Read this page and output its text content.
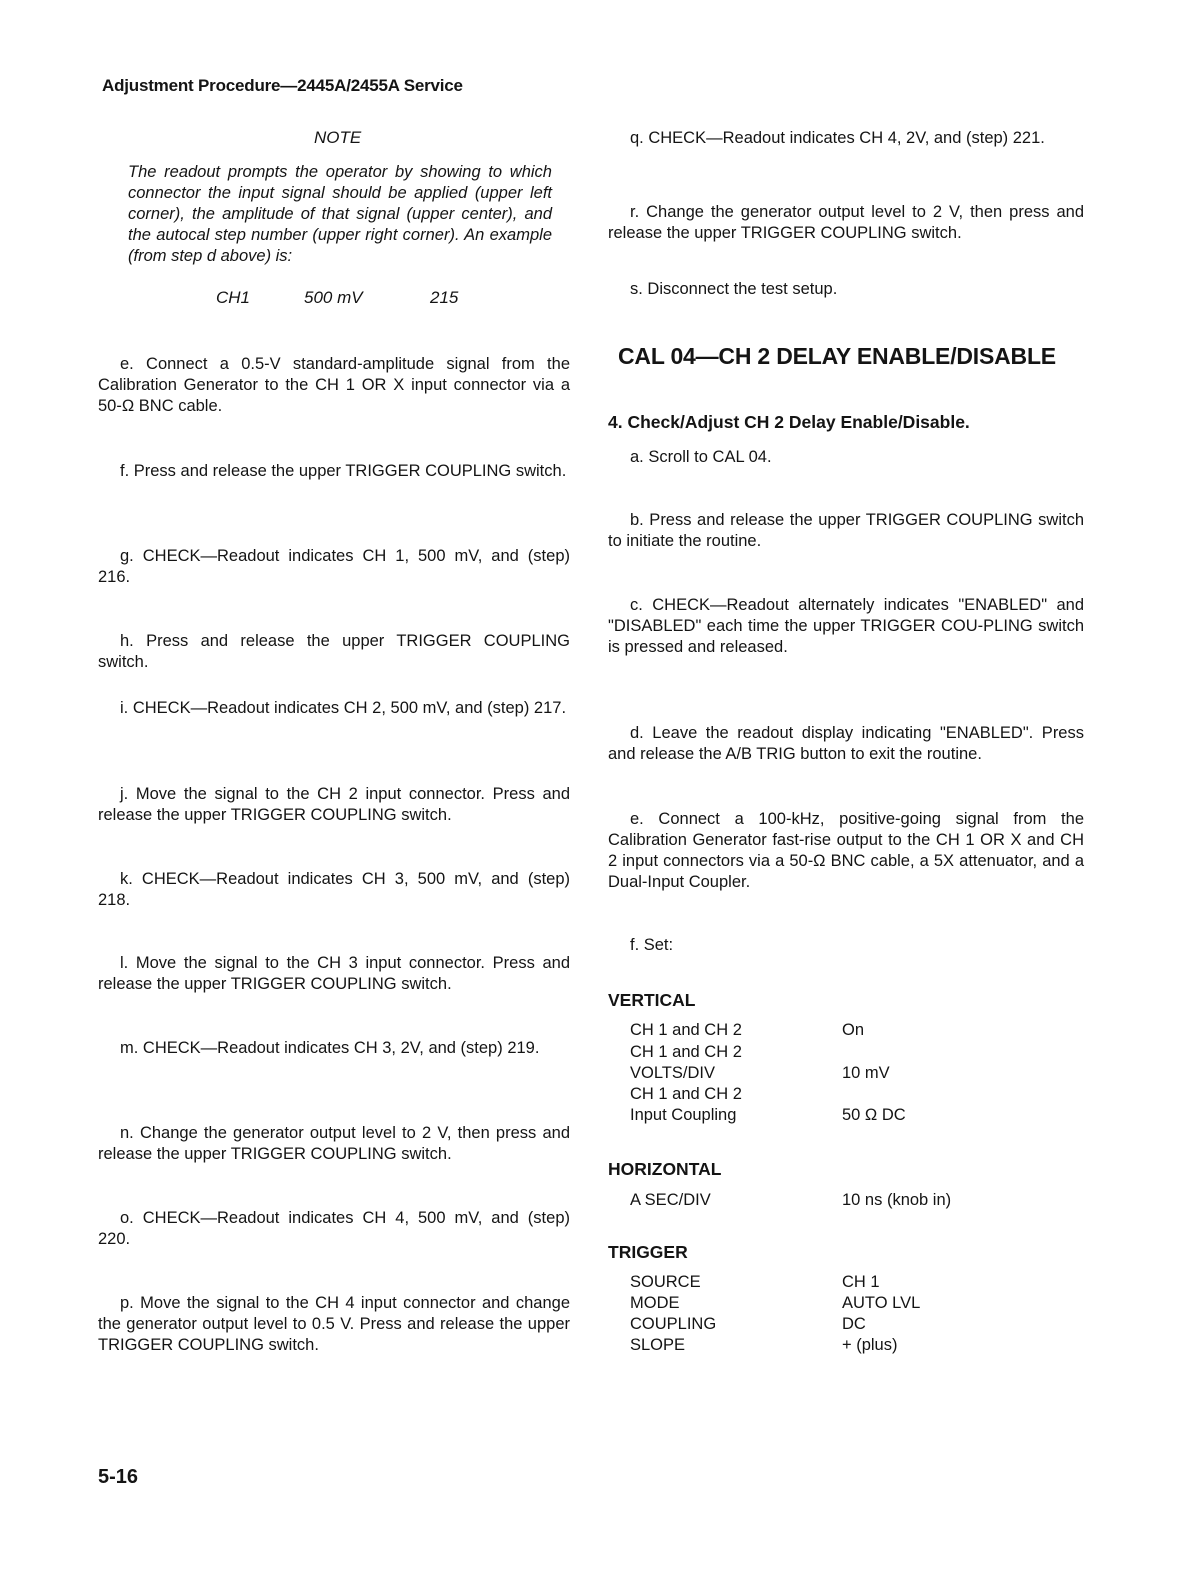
Adjustment Procedure—2445A/2455A Service
NOTE
The readout prompts the operator by showing to which connector the input signal should be applied (upper left corner), the amplitude of that signal (upper center), and the autocal step number (upper right corner). An example (from step d above) is:
CH1	500 mV	215
e. Connect a 0.5-V standard-amplitude signal from the Calibration Generator to the CH 1 OR X input connector via a 50-Ω BNC cable.
f. Press and release the upper TRIGGER COUPLING switch.
g. CHECK—Readout indicates CH 1, 500 mV, and (step) 216.
h. Press and release the upper TRIGGER COUPLING switch.
i. CHECK—Readout indicates CH 2, 500 mV, and (step) 217.
j. Move the signal to the CH 2 input connector. Press and release the upper TRIGGER COUPLING switch.
k. CHECK—Readout indicates CH 3, 500 mV, and (step) 218.
l. Move the signal to the CH 3 input connector. Press and release the upper TRIGGER COUPLING switch.
m. CHECK—Readout indicates CH 3, 2V, and (step) 219.
n. Change the generator output level to 2 V, then press and release the upper TRIGGER COUPLING switch.
o. CHECK—Readout indicates CH 4, 500 mV, and (step) 220.
p. Move the signal to the CH 4 input connector and change the generator output level to 0.5 V. Press and release the upper TRIGGER COUPLING switch.
q. CHECK—Readout indicates CH 4, 2V, and (step) 221.
r. Change the generator output level to 2 V, then press and release the upper TRIGGER COUPLING switch.
s. Disconnect the test setup.
CAL 04—CH 2 DELAY ENABLE/DISABLE
4. Check/Adjust CH 2 Delay Enable/Disable.
a. Scroll to CAL 04.
b. Press and release the upper TRIGGER COUPLING switch to initiate the routine.
c. CHECK—Readout alternately indicates "ENABLED" and "DISABLED" each time the upper TRIGGER COU-PLING switch is pressed and released.
d. Leave the readout display indicating "ENABLED". Press and release the A/B TRIG button to exit the routine.
e. Connect a 100-kHz, positive-going signal from the Calibration Generator fast-rise output to the CH 1 OR X and CH 2 input connectors via a 50-Ω BNC cable, a 5X attenuator, and a Dual-Input Coupler.
f. Set:
VERTICAL
CH 1 and CH 2	On
CH 1 and CH 2
VOLTS/DIV	10 mV
CH 1 and CH 2
Input Coupling	50 Ω DC
HORIZONTAL
A SEC/DIV	10 ns (knob in)
TRIGGER
SOURCE	CH 1
MODE	AUTO LVL
COUPLING	DC
SLOPE	+ (plus)
5-16
